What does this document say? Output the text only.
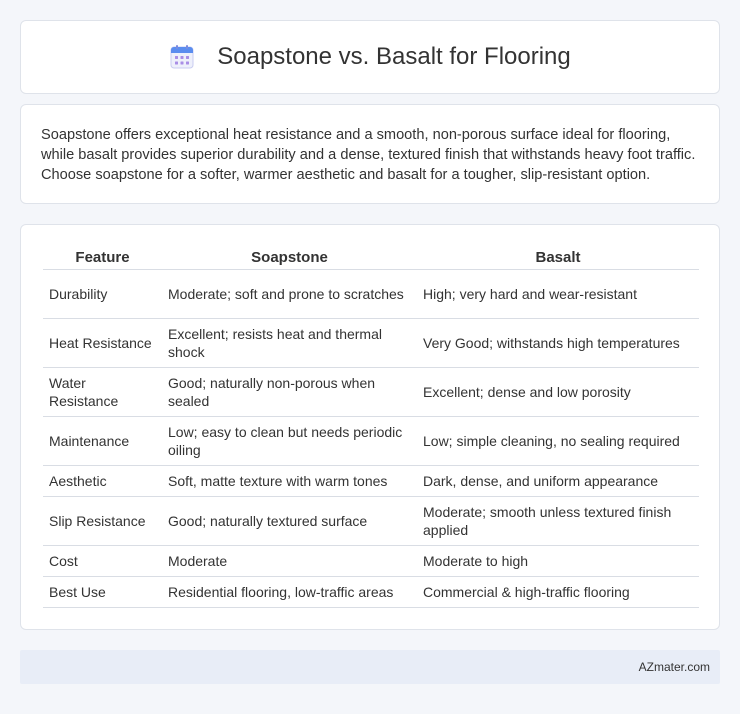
Soapstone vs. Basalt for Flooring

Soapstone offers exceptional heat resistance and a smooth, non-porous surface ideal for flooring, while basalt provides superior durability and a dense, textured finish that withstands heavy foot traffic. Choose soapstone for a softer, warmer aesthetic and basalt for a tougher, slip-resistant option.

Feature	Soapstone	Basalt
Durability	Moderate; soft and prone to scratches	High; very hard and wear-resistant
Heat Resistance	Excellent; resists heat and thermal shock	Very Good; withstands high temperatures
Water Resistance	Good; naturally non-porous when sealed	Excellent; dense and low porosity
Maintenance	Low; easy to clean but needs periodic oiling	Low; simple cleaning, no sealing required
Aesthetic	Soft, matte texture with warm tones	Dark, dense, and uniform appearance
Slip Resistance	Good; naturally textured surface	Moderate; smooth unless textured finish applied
Cost	Moderate	Moderate to high
Best Use	Residential flooring, low-traffic areas	Commercial & high-traffic flooring
AZmater.com
